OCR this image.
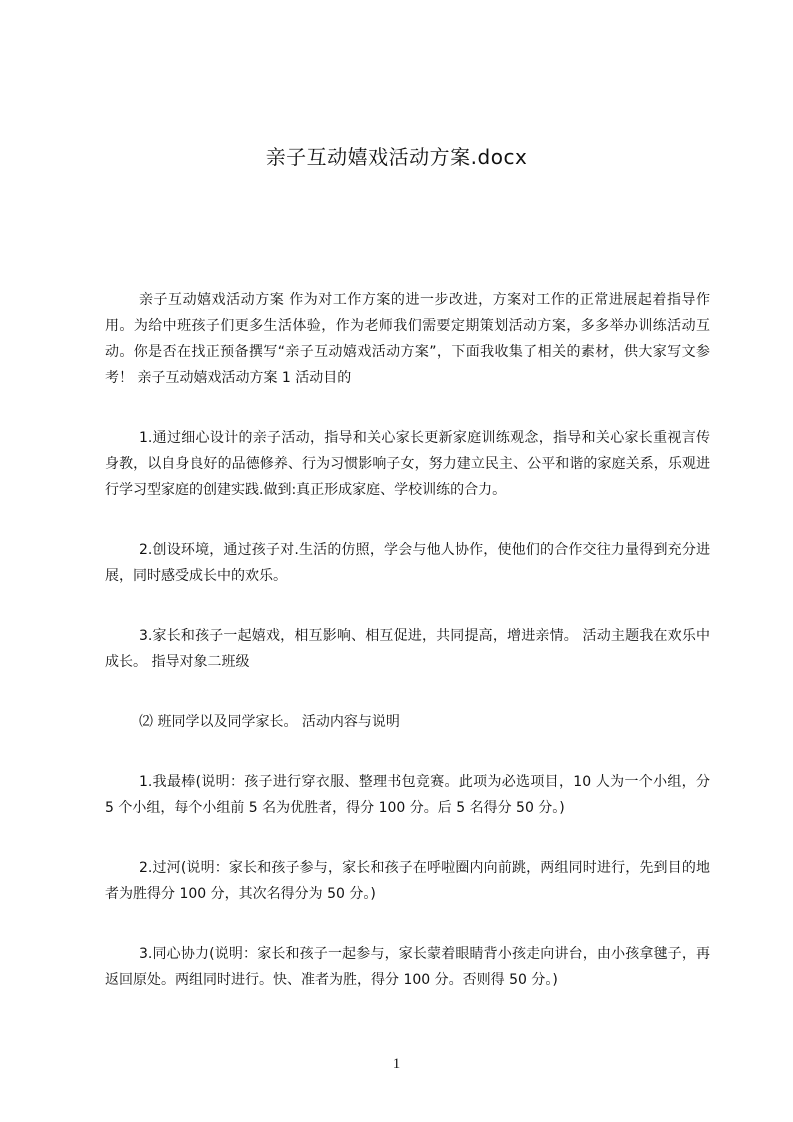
亲子互动嬉戏活动方案.docx

亲子互动嬉戏活动方案 作为对工作方案的进一步改进，方案对工作的正常进展起着指导作用。为给中班孩子们更多生活体验，作为老师我们需要定期策划活动方案，多多举办训练活动互动。你是否在找正预备撰写“亲子互动嬉戏活动方案”，下面我收集了相关的素材，供大家写文参考！ 亲子互动嬉戏活动方案 1 活动目的

1.通过细心设计的亲子活动，指导和关心家长更新家庭训练观念，指导和关心家长重视言传身教，以自身良好的品德修养、行为习惯影响子女，努力建立民主、公平和谐的家庭关系，乐观进行学习型家庭的创建实践.做到:真正形成家庭、学校训练的合力。

2.创设环境，通过孩子对.生活的仿照，学会与他人协作，使他们的合作交往力量得到充分进展，同时感受成长中的欢乐。

3.家长和孩子一起嬉戏，相互影响、相互促进，共同提高，增进亲情。 活动主题我在欢乐中成长。 指导对象二班级

⑵ 班同学以及同学家长。 活动内容与说明

1.我最棒(说明：孩子进行穿衣服、整理书包竞赛。此项为必选项目，10 人为一个小组，分 5 个小组，每个小组前 5 名为优胜者，得分 100 分。后 5 名得分 50 分。)

2.过河(说明：家长和孩子参与，家长和孩子在呼啦圈内向前跳，两组同时进行，先到目的地者为胜得分 100 分，其次名得分为 50 分。)

3.同心协力(说明：家长和孩子一起参与，家长蒙着眼睛背小孩走向讲台，由小孩拿毽子，再返回原处。两组同时进行。快、准者为胜，得分 100 分。否则得 50 分。)

1
